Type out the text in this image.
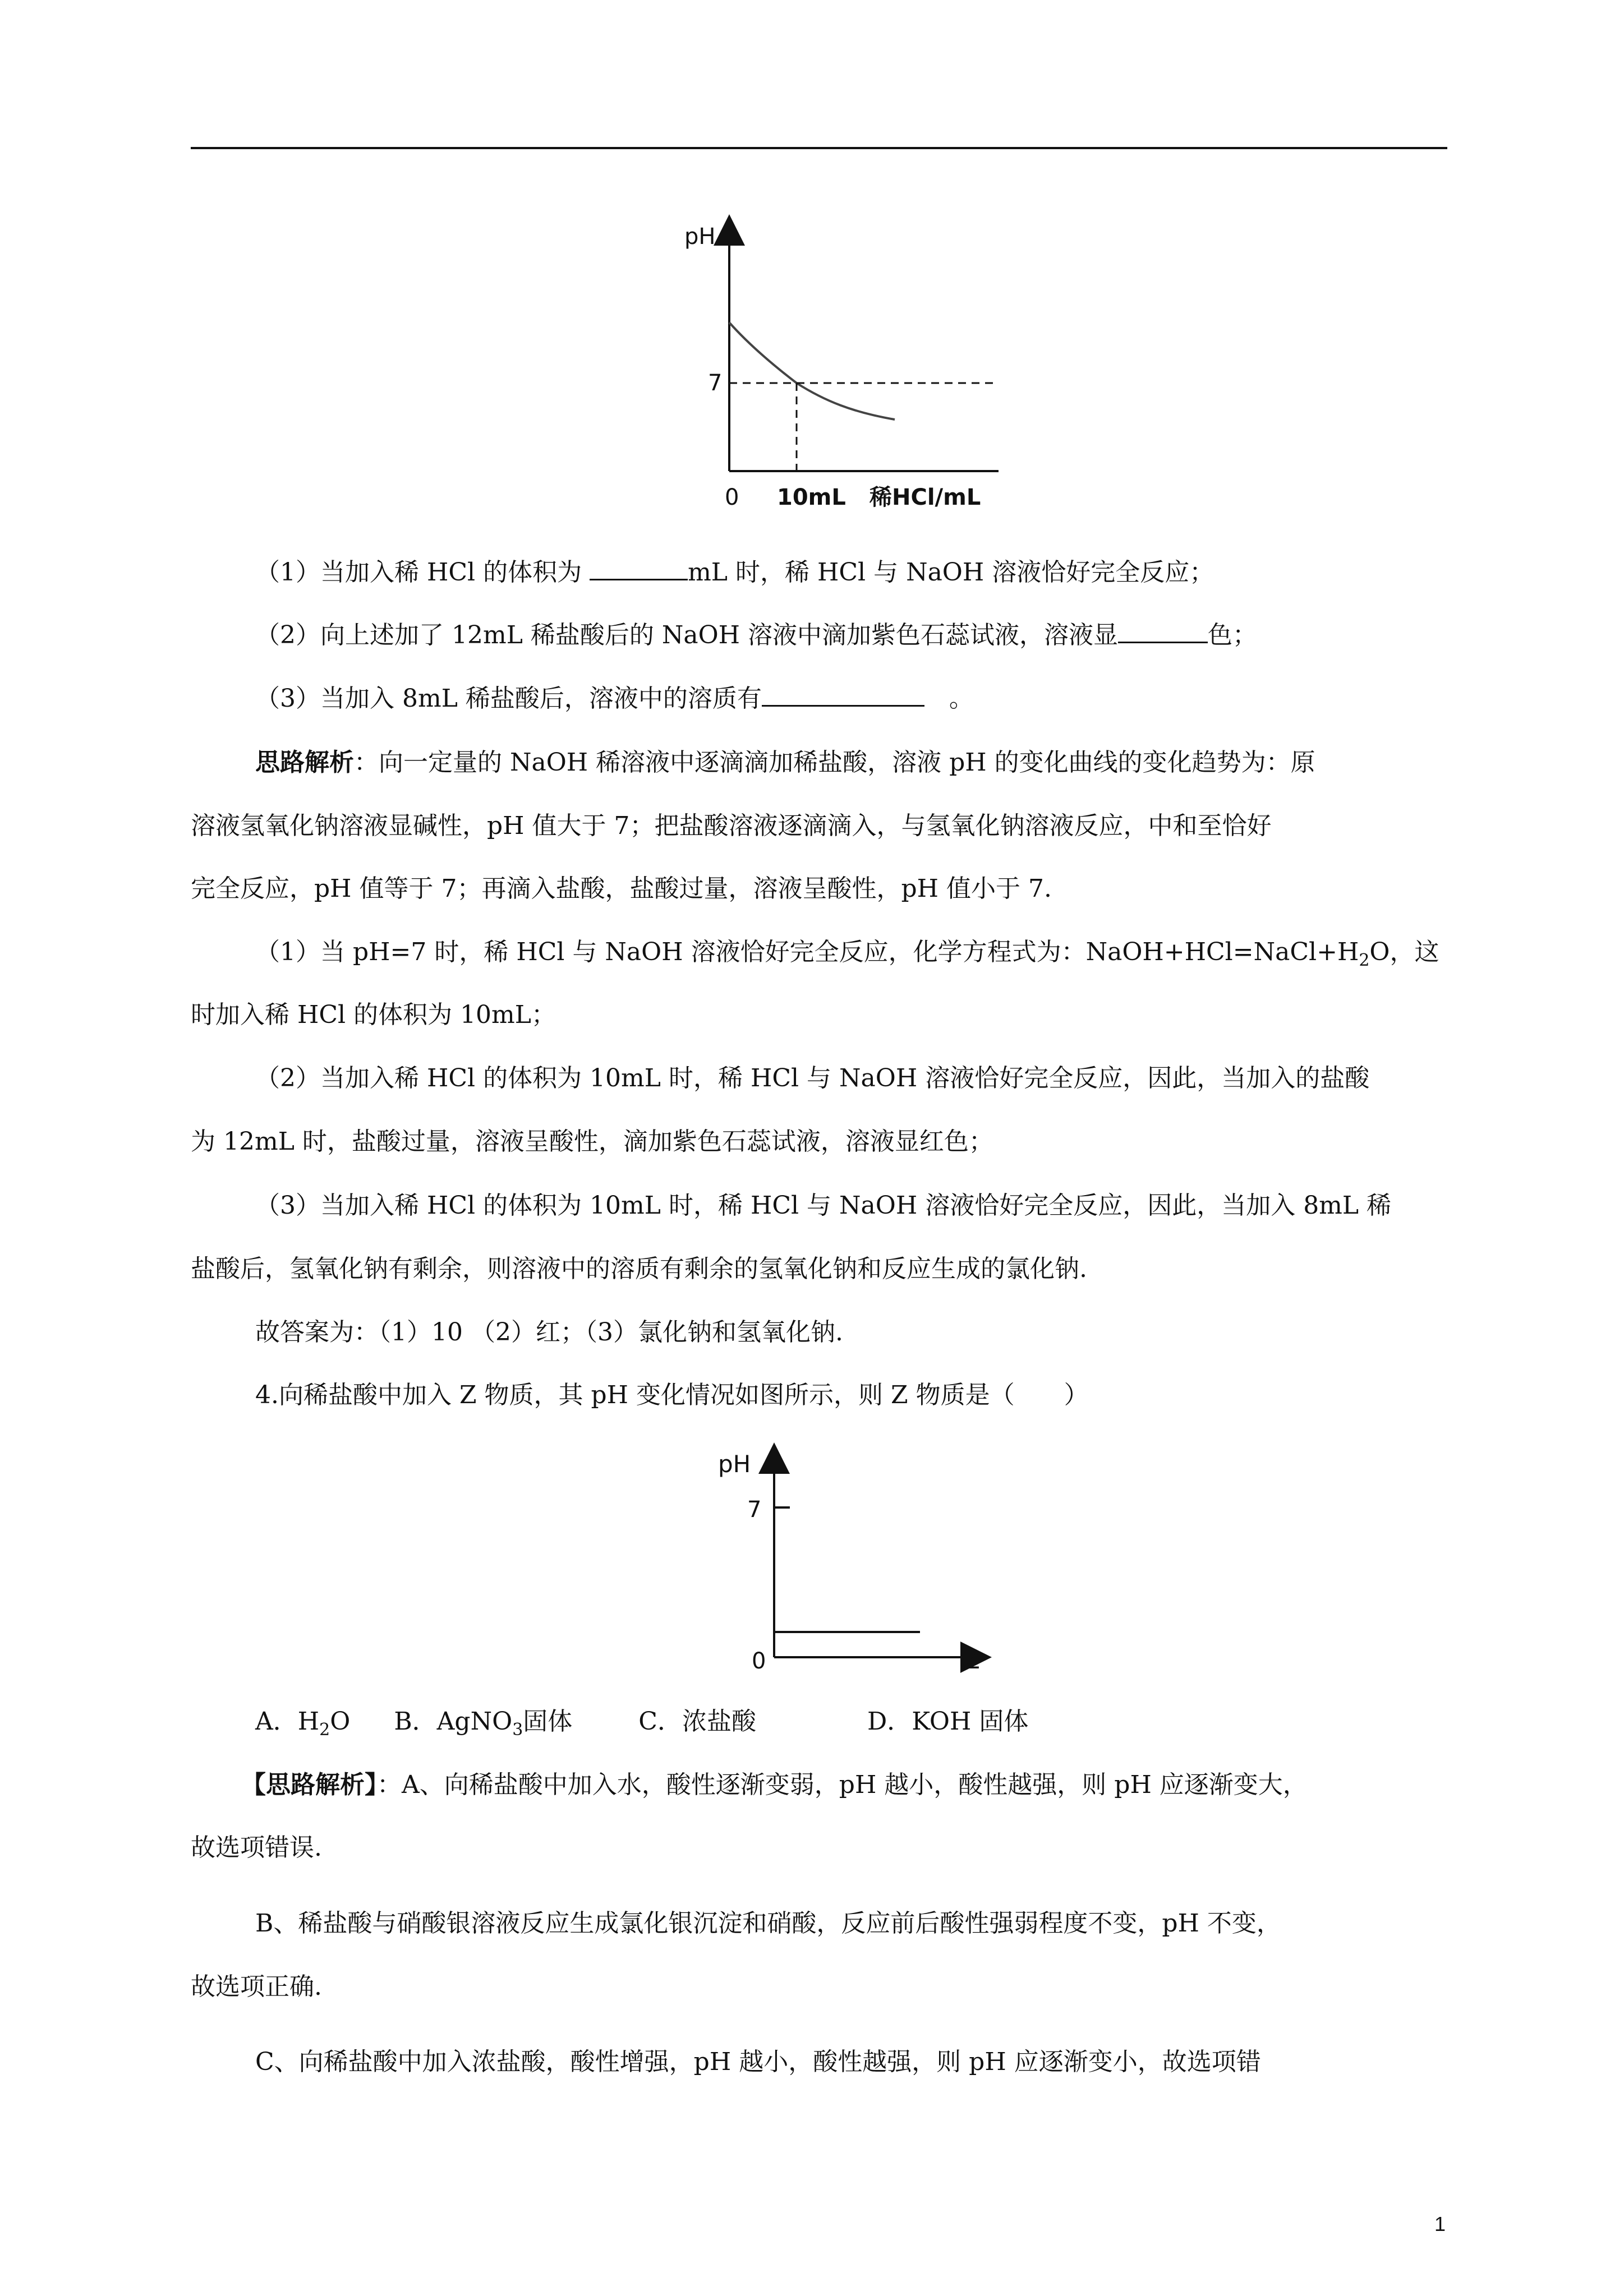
pH
7
0 10mL 稀HCl/mL
（1）当加入稀 HCl 的体积为	mL 时，稀 HCl 与 NaOH 溶液恰好完全反应；
（2）向上述加了 12mL 稀盐酸后的 NaOH 溶液中滴加紫色石蕊试液，溶液显	色；
（3）当加入 8mL 稀盐酸后，溶液中的溶质有　	。
思路解析：向一定量的 NaOH 稀溶液中逐滴滴加稀盐酸，溶液 pH 的变化曲线的变化趋势为：原
溶液氢氧化钠溶液显碱性，pH 值大于 7；把盐酸溶液逐滴滴入，与氢氧化钠溶液反应，中和至恰好
完全反应，pH 值等于 7；再滴入盐酸，盐酸过量，溶液呈酸性，pH 值小于 7.
（1）当 pH=7 时，稀 HCl 与 NaOH 溶液恰好完全反应，化学方程式为：$NaOH+HCl=NaCl+H_2O$，这
时加入稀 HCl 的体积为 10mL；
（2）当加入稀 HCl 的体积为 10mL 时，稀 HCl 与 NaOH 溶液恰好完全反应，因此，当加入的盐酸
为 12mL 时，盐酸过量，溶液呈酸性，滴加紫色石蕊试液，溶液显红色；
（3）当加入稀 HCl 的体积为 10mL 时，稀 HCl 与 NaOH 溶液恰好完全反应，因此，当加入 8mL 稀
盐酸后，氢氧化钠有剩余，则溶液中的溶质有剩余的氢氧化钠和反应生成的氯化钠.
故答案为：（1）10 （2）红；（3）氯化钠和氢氧化钠.
4.向稀盐酸中加入 Z 物质，其 pH 变化情况如图所示，则 Z 物质是（　　）
pH
7
0	Z
A．$H_2O$ B．AgNO$_3$固体	C．浓盐酸	D．KOH 固体
【思路解析】：A、向稀盐酸中加入水，酸性逐渐变弱，pH 越小，酸性越强，则 pH 应逐渐变大，
故选项错误.
B、稀盐酸与硝酸银溶液反应生成氯化银沉淀和硝酸，反应前后酸性强弱程度不变，pH 不变，
故选项正确.
C、向稀盐酸中加入浓盐酸，酸性增强，pH 越小，酸性越强，则 pH 应逐渐变小，故选项错
1
